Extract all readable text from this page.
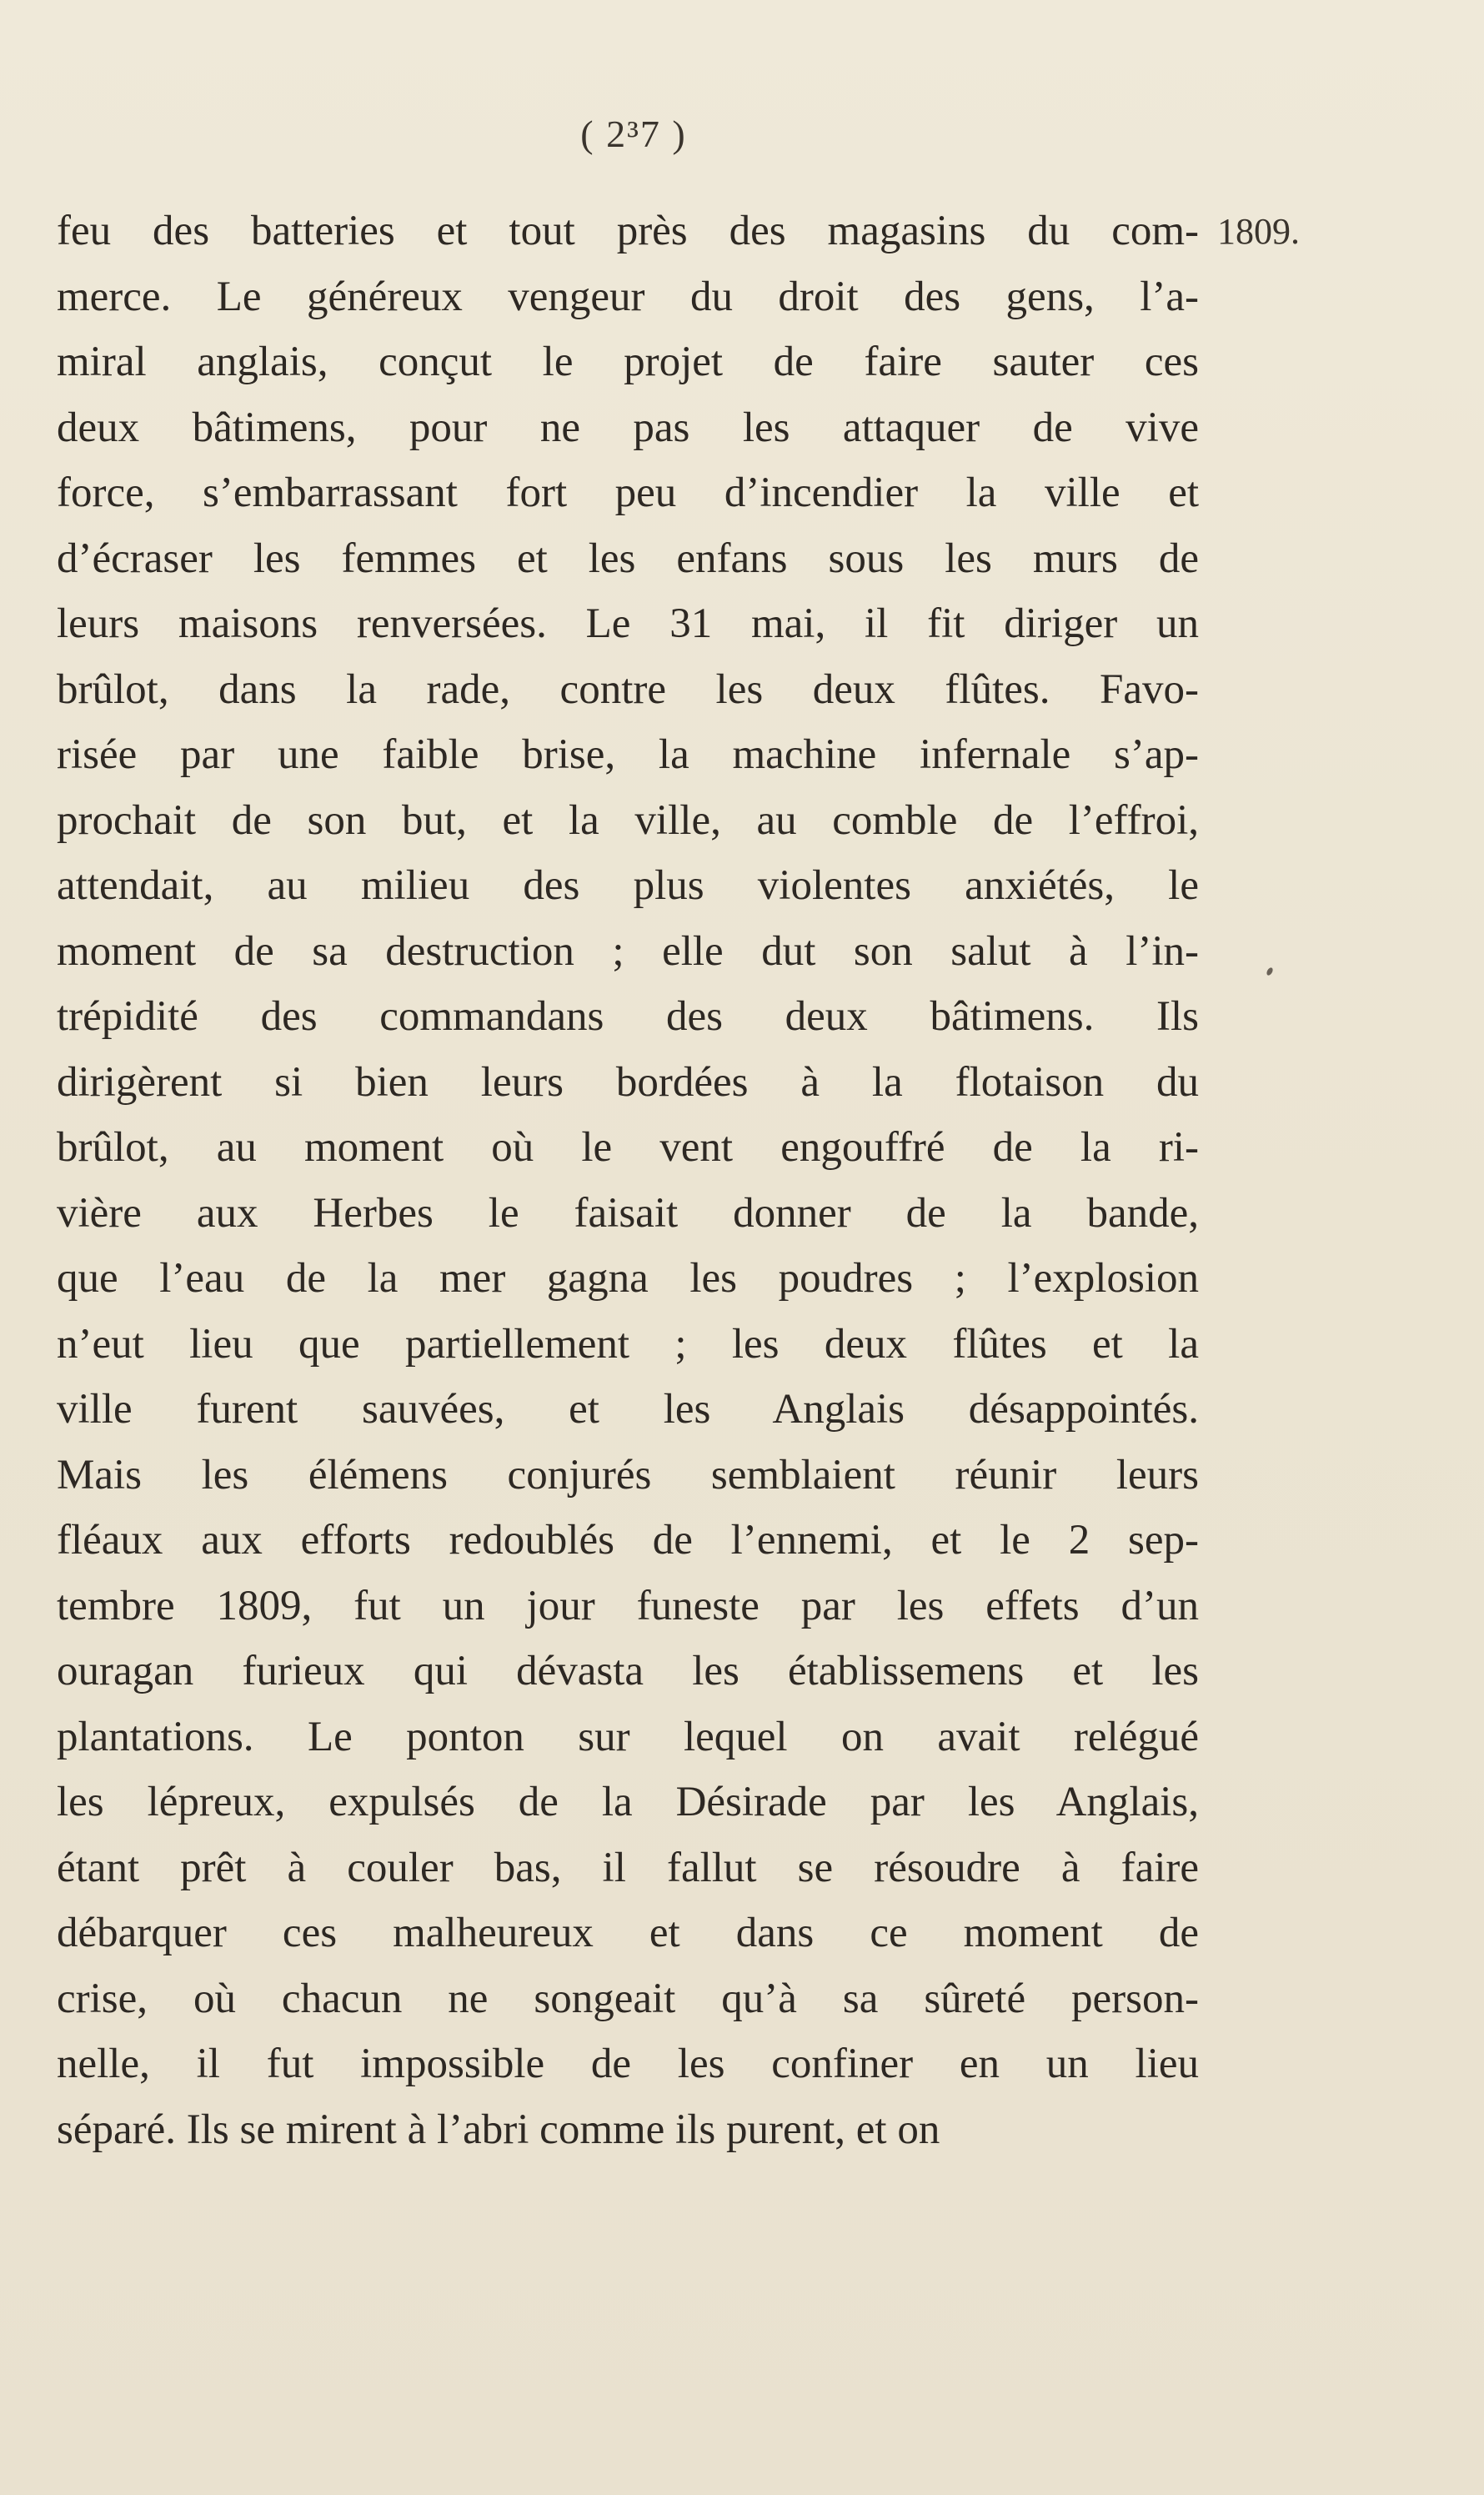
( 2³7 )
1809.
feu des batteries et tout près des magasins du com-
merce. Le généreux vengeur du droit des gens, l’a-
miral anglais, conçut le projet de faire sauter ces
deux bâtimens, pour ne pas les attaquer de vive
force, s’embarrassant fort peu d’incendier la ville et
d’écraser les femmes et les enfans sous les murs de
leurs maisons renversées. Le 31 mai, il fit diriger un
brûlot, dans la rade, contre les deux flûtes. Favo-
risée par une faible brise, la machine infernale s’ap-
prochait de son but, et la ville, au comble de l’effroi,
attendait, au milieu des plus violentes anxiétés, le
moment de sa destruction ; elle dut son salut à l’in-
trépidité des commandans des deux bâtimens. Ils
dirigèrent si bien leurs bordées à la flotaison du
brûlot, au moment où le vent engouffré de la ri-
vière aux Herbes le faisait donner de la bande,
que l’eau de la mer gagna les poudres ; l’explosion
n’eut lieu que partiellement ; les deux flûtes et la
ville furent sauvées, et les Anglais désappointés.
Mais les élémens conjurés semblaient réunir leurs
fléaux aux efforts redoublés de l’ennemi, et le 2 sep-
tembre 1809, fut un jour funeste par les effets d’un
ouragan furieux qui dévasta les établissemens et les
plantations. Le ponton sur lequel on avait relégué
les lépreux, expulsés de la Désirade par les Anglais,
étant prêt à couler bas, il fallut se résoudre à faire
débarquer ces malheureux et dans ce moment de
crise, où chacun ne songeait qu’à sa sûreté person-
nelle, il fut impossible de les confiner en un lieu
séparé. Ils se mirent à l’abri comme ils purent, et on
